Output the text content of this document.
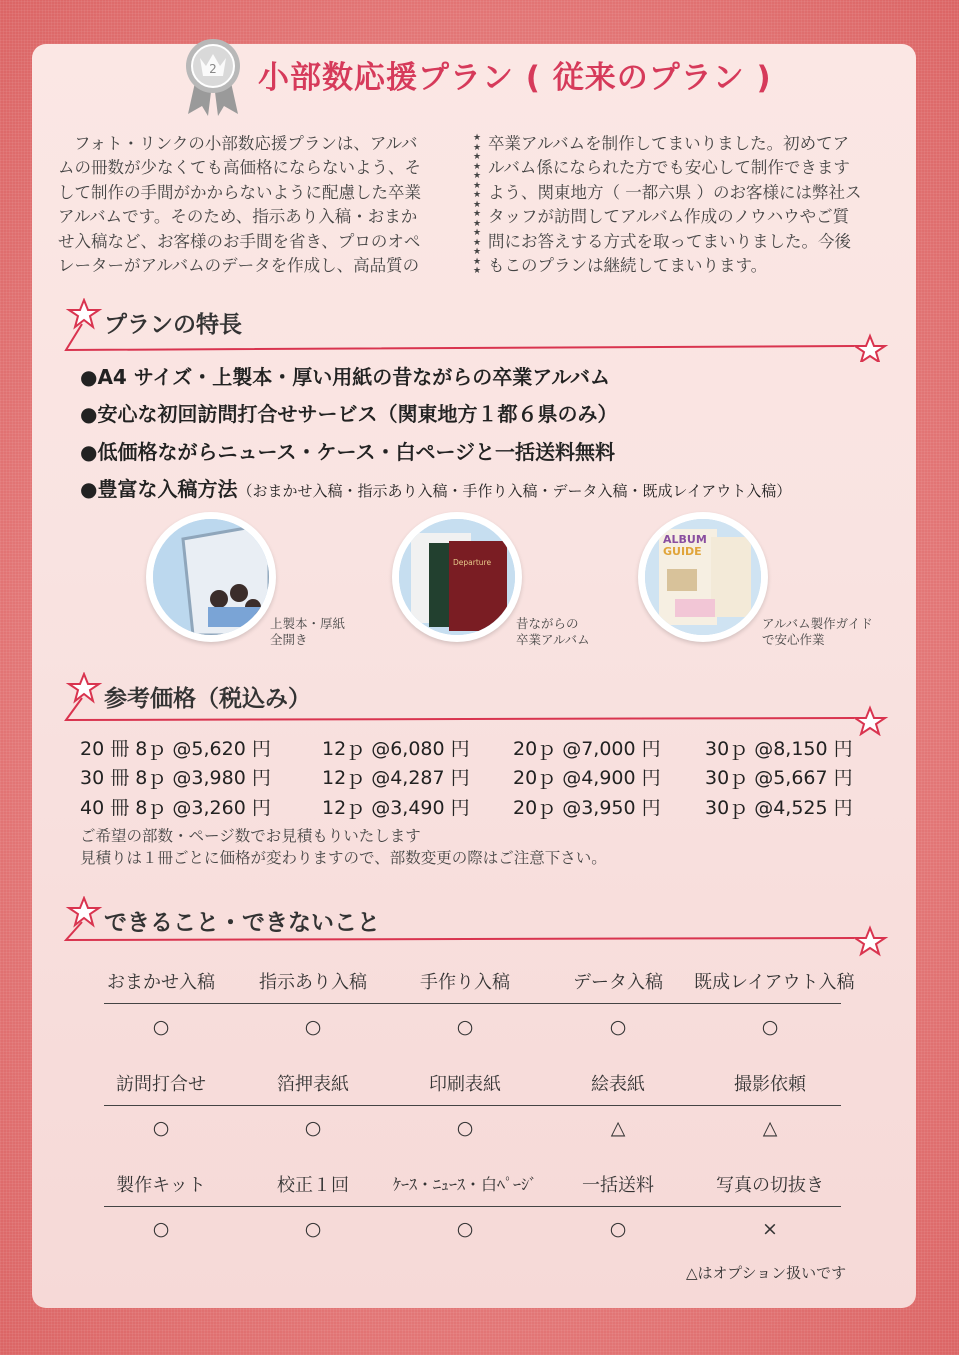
2 小部数応援プラン ( 従来のプラン )
フォト・リンクの小部数応援プランは、アルバ
ムの冊数が少なくても高価格にならないよう、そ
して制作の手間がかからないように配慮した卒業
アルバムです。そのため、指示あり入稿・おまか
せ入稿など、お客様のお手間を省き、プロのオペ
レーターがアルバムのデータを作成し、高品質の
★
★
★
★
★
★
★
★
★
★
★
★
★
★
★
卒業アルバムを制作してまいりました。初めてア
ルバム係になられた方でも安心して制作できます
よう、関東地方（ 一都六県 ）のお客様には弊社ス
タッフが訪問してアルバム作成のノウハウやご質
問にお答えする方式を取ってまいりました。今後
もこのプランは継続してまいります。
プランの特長
●A4 サイズ・上製本・厚い用紙の昔ながらの卒業アルバム
●安心な初回訪問打合せサービス（関東地方１都６県のみ）
●低価格ながらニュース・ケース・白ページと一括送料無料
●豊富な入稿方法（おまかせ入稿・指示あり入稿・手作り入稿・データ入稿・既成レイアウト入稿）
上製本・厚紙
全開き
Departure
昔ながらの
卒業アルバム
ALBUM
GUIDE
アルバム製作ガイド
で安心作業
参考価格（税込み）
20 冊 8ｐ @5,620 円	12ｐ @6,080 円 20ｐ @7,000 円 30ｐ @8,150 円
30 冊 8ｐ @3,980 円	12ｐ @4,287 円 20ｐ @4,900 円 30ｐ @5,667 円
40 冊 8ｐ @3,260 円	12ｐ @3,490 円 20ｐ @3,950 円 30ｐ @4,525 円
ご希望の部数・ページ数でお見積もりいたします
見積りは１冊ごとに価格が変わりますので、部数変更の際はご注意下さい。
できること・できないこと
おまかせ入稿	指示あり入稿	手作り入稿	データ入稿	既成レイアウト入稿
○	○	○	○	○
訪問打合せ	箔押表紙	印刷表紙	絵表紙	撮影依頼
○	○	○	△	△
製作キット	校正１回	ｹｰｽ・ﾆｭｰｽ・白ﾍﾟｰｼﾞ	一括送料	写真の切抜き
○	○	○	○	×
△はオプション扱いです
